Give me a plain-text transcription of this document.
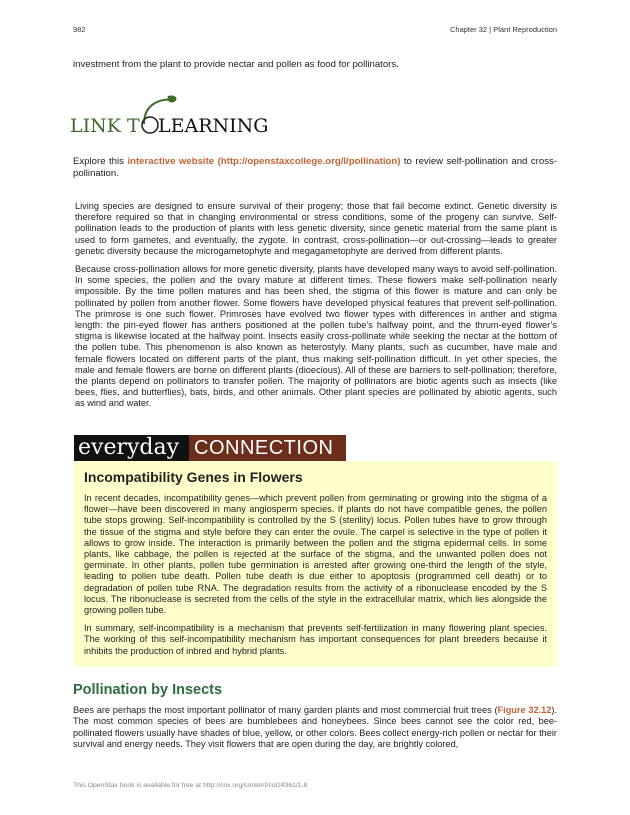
982	Chapter 32 | Plant Reproduction
investment from the plant to provide nectar and pollen as food for pollinators.
LINK T LEARNING
Explore this interactive website (http://openstaxcollege.org/l/pollination) to review self-pollination and cross-pollination.

Living species are designed to ensure survival of their progeny; those that fail become extinct. Genetic diversity is therefore required so that in changing environmental or stress conditions, some of the progeny can survive. Self-pollination leads to the production of plants with less genetic diversity, since genetic material from the same plant is used to form gametes, and eventually, the zygote. In contrast, cross-pollination—or out-crossing—leads to greater genetic diversity because the microgametophyte and megagametophyte are derived from different plants.

Because cross-pollination allows for more genetic diversity, plants have developed many ways to avoid self-pollination. In some species, the pollen and the ovary mature at different times. These flowers make self-pollination nearly impossible. By the time pollen matures and has been shed, the stigma of this flower is mature and can only be pollinated by pollen from another flower. Some flowers have developed physical features that prevent self-pollination. The primrose is one such flower. Primroses have evolved two flower types with differences in anther and stigma length: the pin-eyed flower has anthers positioned at the pollen tube’s halfway point, and the thrum-eyed flower’s stigma is likewise located at the halfway point. Insects easily cross-pollinate while seeking the nectar at the bottom of the pollen tube. This phenomenon is also known as heterostyly. Many plants, such as cucumber, have male and female flowers located on different parts of the plant, thus making self-pollination difficult. In yet other species, the male and female flowers are borne on different plants (dioecious). All of these are barriers to self-pollination; therefore, the plants depend on pollinators to transfer pollen. The majority of pollinators are biotic agents such as insects (like bees, flies, and butterflies), bats, birds, and other animals. Other plant species are pollinated by abiotic agents, such as wind and water.

everyday CONNECTION
Incompatibility Genes in Flowers

In recent decades, incompatibility genes—which prevent pollen from germinating or growing into the stigma of a flower—have been discovered in many angiosperm species. If plants do not have compatible genes, the pollen tube stops growing. Self-incompatibility is controlled by the S (sterility) locus. Pollen tubes have to grow through the tissue of the stigma and style before they can enter the ovule. The carpel is selective in the type of pollen it allows to grow inside. The interaction is primarily between the pollen and the stigma epidermal cells. In some plants, like cabbage, the pollen is rejected at the surface of the stigma, and the unwanted pollen does not germinate. In other plants, pollen tube germination is arrested after growing one-third the length of the style, leading to pollen tube death. Pollen tube death is due either to apoptosis (programmed cell death) or to degradation of pollen tube RNA. The degradation results from the activity of a ribonuclease encoded by the S locus. The ribonuclease is secreted from the cells of the style in the extracellular matrix, which lies alongside the growing pollen tube.

In summary, self-incompatibility is a mechanism that prevents self-fertilization in many flowering plant species. The working of this self-incompatibility mechanism has important consequences for plant breeders because it inhibits the production of inbred and hybrid plants.

Pollination by Insects
Bees are perhaps the most important pollinator of many garden plants and most commercial fruit trees (Figure 32.12). The most common species of bees are bumblebees and honeybees. Since bees cannot see the color red, bee-pollinated flowers usually have shades of blue, yellow, or other colors. Bees collect energy-rich pollen or nectar for their survival and energy needs. They visit flowers that are open during the day, are brightly colored,
This OpenStax book is available for free at http://cnx.org/content/col24361/1.8
